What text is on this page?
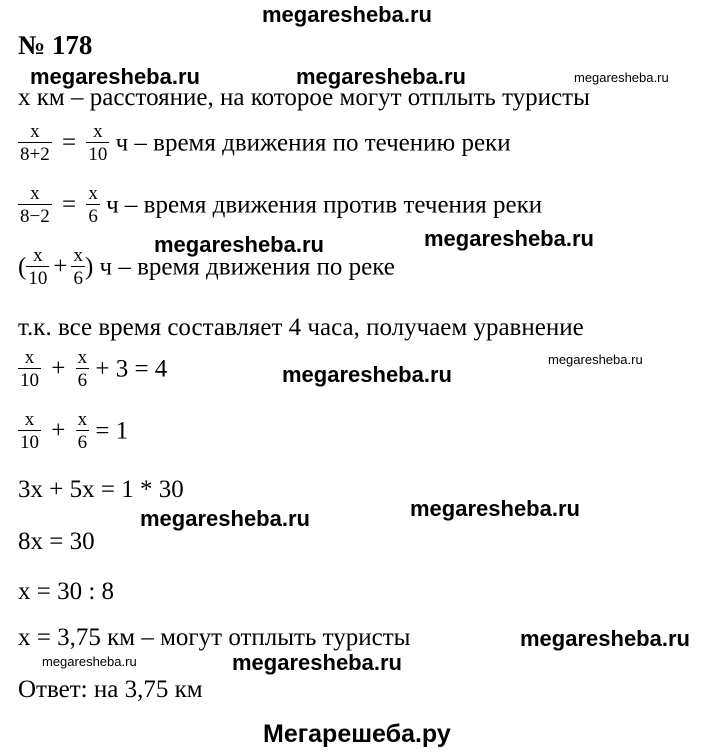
megaresheba.ru
№ 178
megaresheba.ru	megaresheba.ru	megaresheba.ru
megaresheba.ru	megaresheba.ru
megaresheba.ru
megaresheba.ru
megaresheba.ru
megaresheba.ru
megaresheba.ru
megaresheba.ru	megaresheba.ru
x км – расстояние, на которое могут отплыть туристы
$\frac{x}{8+2} = \frac{x}{10}$ ч – время движения по течению реки
$\frac{x}{8-2} = \frac{x}{6}$ ч – время движения против течения реки
( $\frac{x}{10} + \frac{x}{6}$ ) ч – время движения по реке
т.к. все время составляет 4 часа, получаем уравнение
$\frac{x}{10} + \frac{x}{6} + 3 = 4$
$\frac{x}{10} + \frac{x}{6} = 1$
3x + 5x = 1 * 30
8x = 30
x = 30 : 8
x = 3,75 км – могут отплыть туристы
Ответ: на 3,75 км
Мегарешеба.ру
